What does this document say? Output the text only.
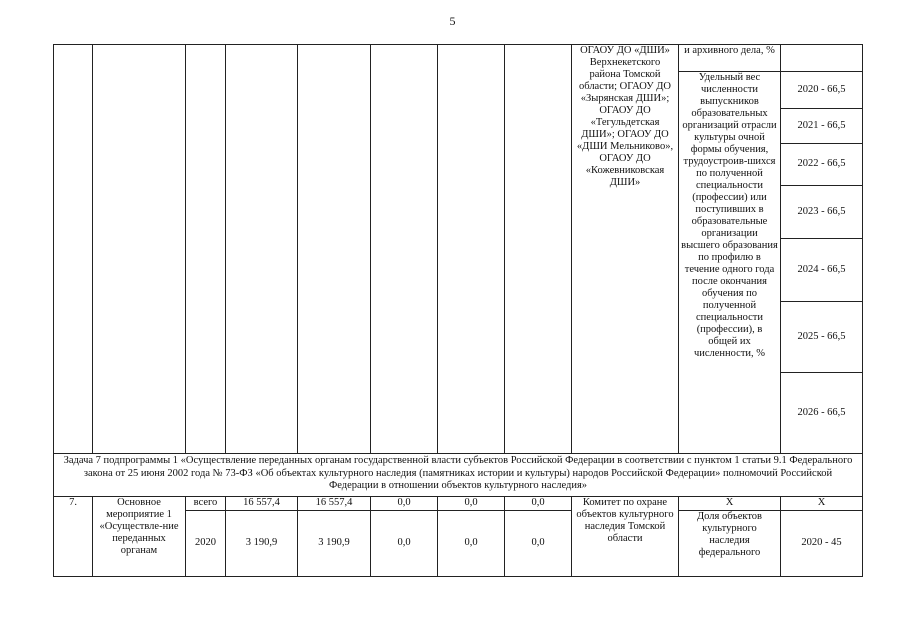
5
								ОГАОУ ДО «ДШИ» Верхнекетского района Томской области; ОГАОУ ДО «Зырянская ДШИ»; ОГАОУ ДО «Тегульдетская ДШИ»; ОГАОУ ДО «ДШИ Мельниково», ОГАОУ ДО «Кожевниковская ДШИ»	и архивного дела, %	
									Удельный вес численности выпускников образовательных организаций отрасли культуры очной формы обучения, трудоустроив-шихся по полученной специальности (профессии) или поступивших в образовательные организации высшего образования по профилю в течение одного года после окончания обучения по полученной специальности (профессии), в общей их численности, %	2020 - 66,5
										2021 - 66,5
										2022 - 66,5
										2023 - 66,5
										2024 - 66,5
										2025 - 66,5
										2026 - 66,5
Задача 7 подпрограммы 1 «Осуществление переданных органам государственной власти субъектов Российской Федерации в соответствии с пунктом 1 статьи 9.1 Федерального закона от 25 июня 2002 года № 73-ФЗ «Об объектах культурного наследия (памятниках истории и культуры) народов Российской Федерации» полномочий Российской Федерации в отношении объектов культурного наследия»										
7.	Основное мероприятие 1 «Осуществле-ние переданных органам	всего	16 557,4	16 557,4	0,0	0,0	0,0	Комитет по охране объектов культурного наследия Томской области	Х	Х
		2020	3 190,9	3 190,9	0,0	0,0	0,0		Доля объектов культурного наследия федерального	2020 - 45
